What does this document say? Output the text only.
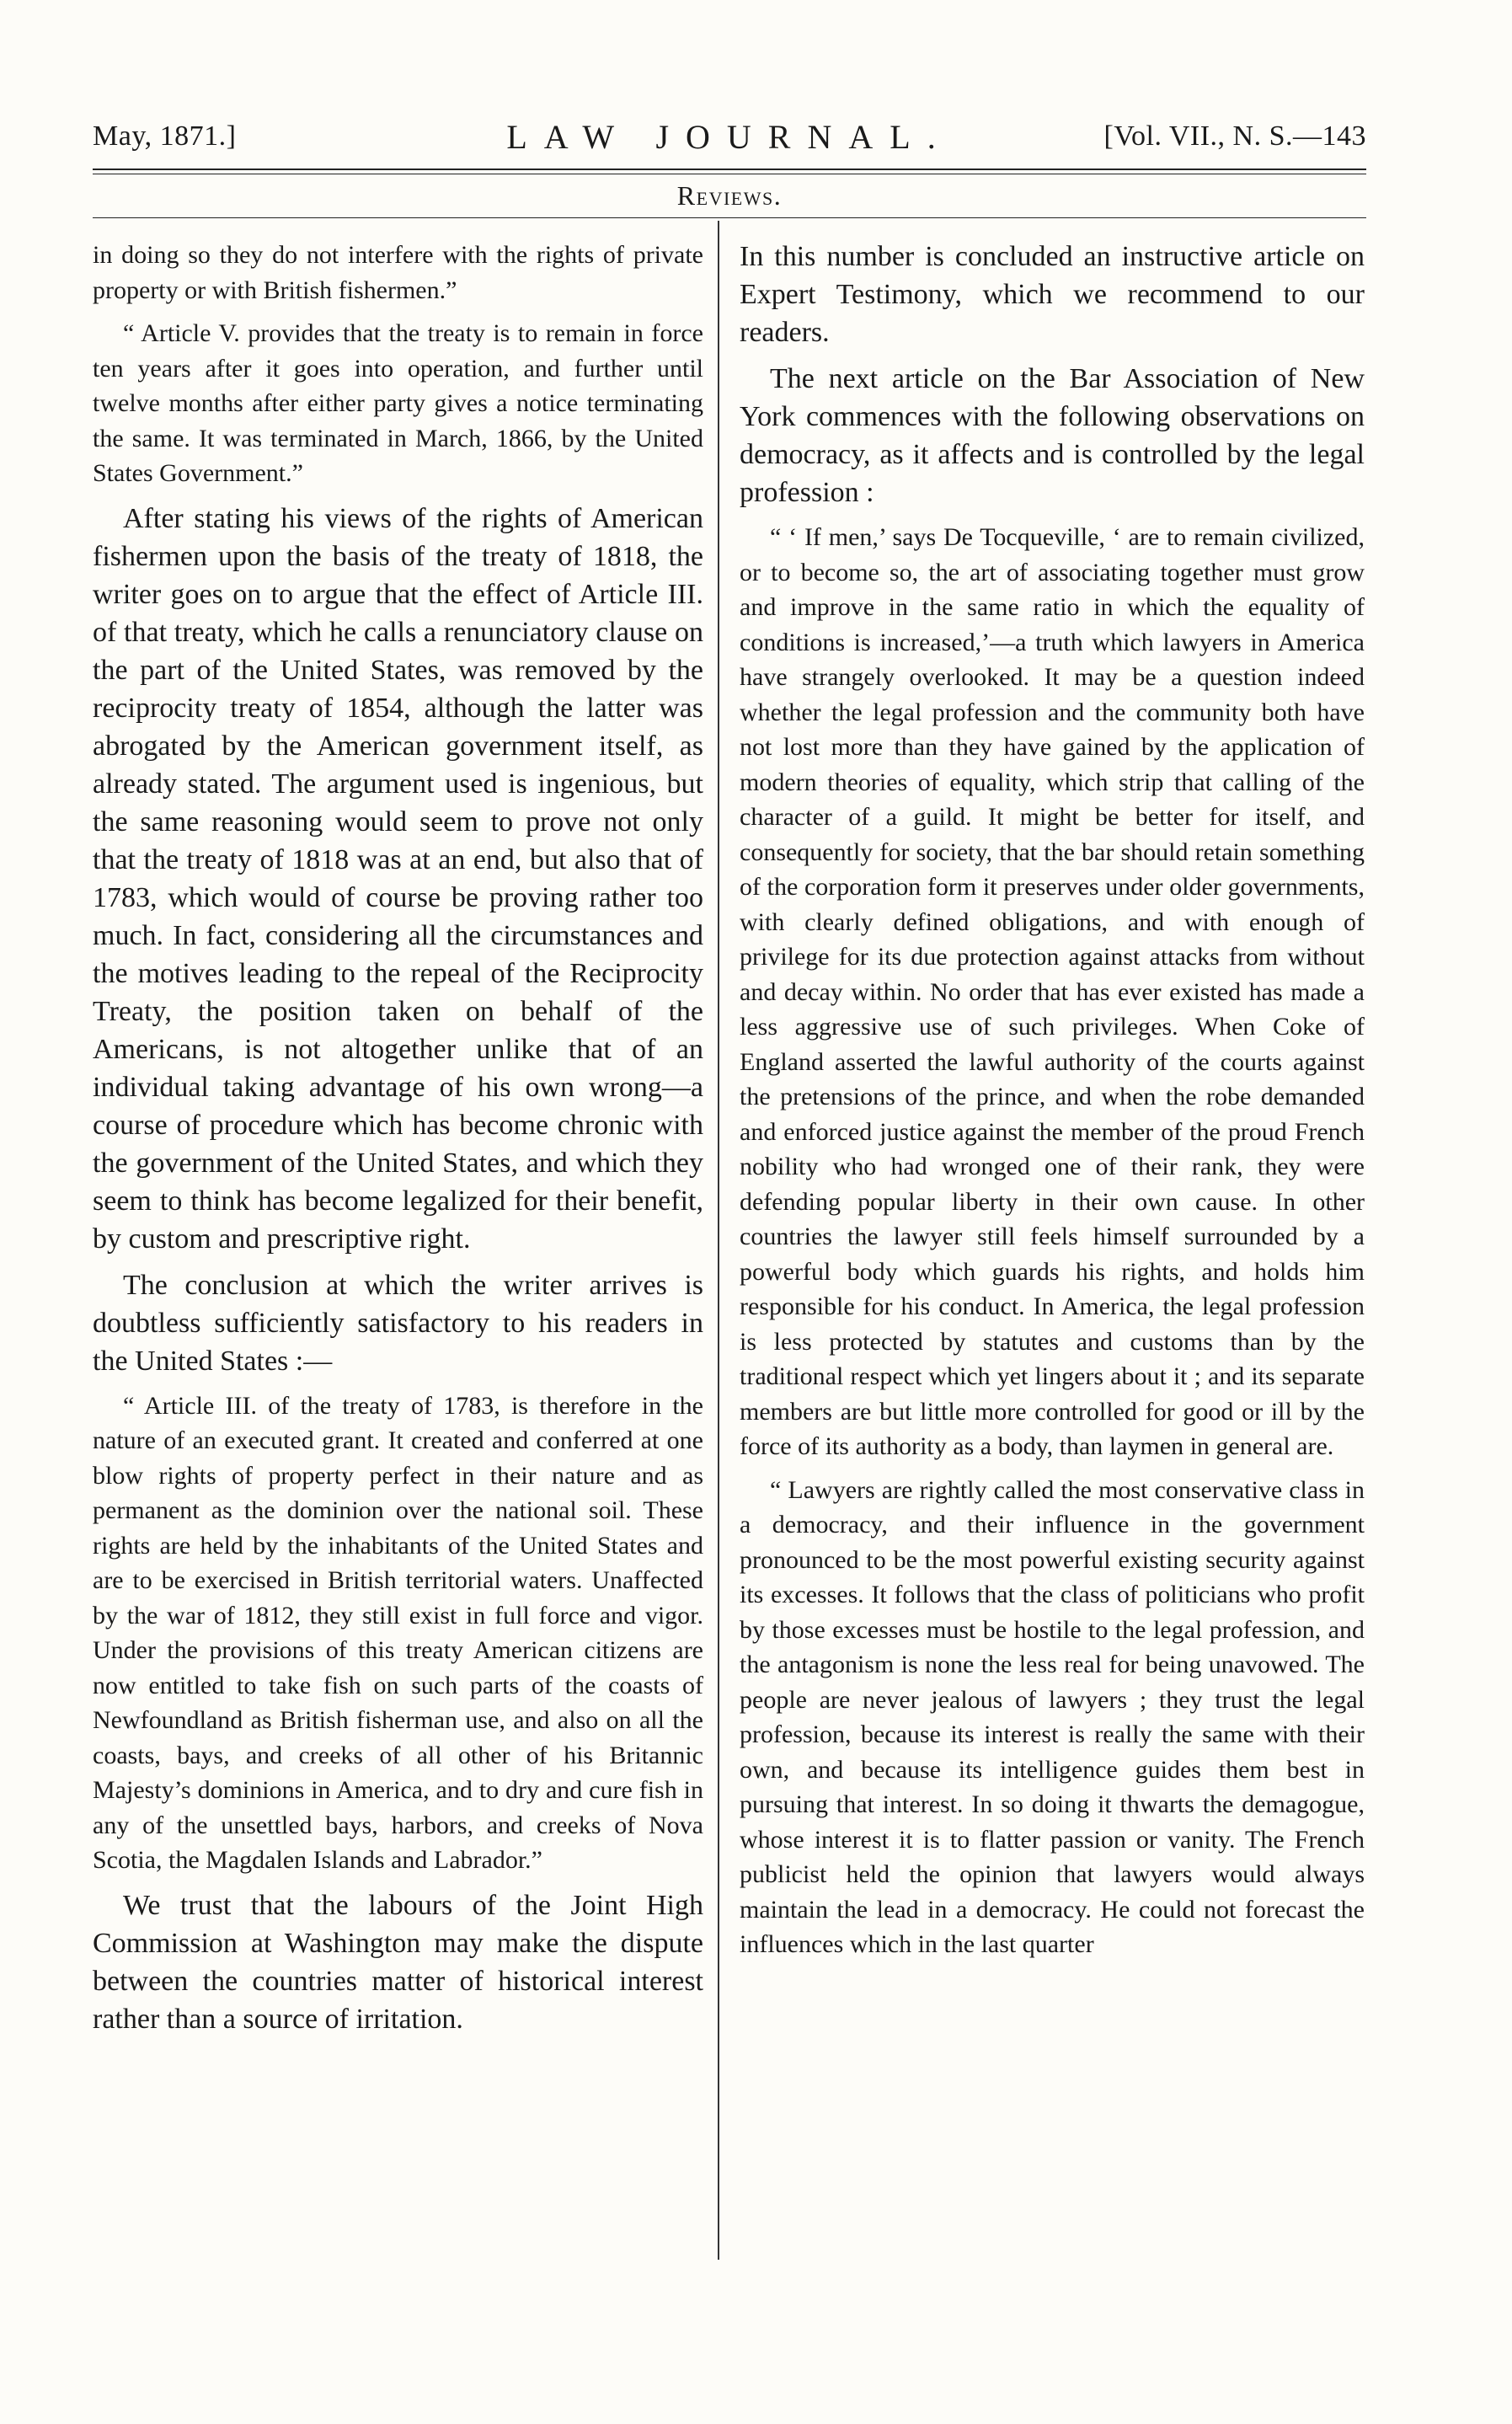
May, 1871.]	LAW JOURNAL.	[Vol. VII., N. S.—143
Reviews.

in doing so they do not interfere with the rights of private property or with British fishermen.”

“ Article V. provides that the treaty is to remain in force ten years after it goes into operation, and further until twelve months after either party gives a notice terminating the same. It was terminated in March, 1866, by the United States Government.”

After stating his views of the rights of American fishermen upon the basis of the treaty of 1818, the writer goes on to argue that the effect of Article III. of that treaty, which he calls a renunciatory clause on the part of the United States, was removed by the reciprocity treaty of 1854, although the latter was abrogated by the American government itself, as already stated. The argument used is ingenious, but the same reasoning would seem to prove not only that the treaty of 1818 was at an end, but also that of 1783, which would of course be proving rather too much. In fact, considering all the circumstances and the motives leading to the repeal of the Reciprocity Treaty, the position taken on behalf of the Americans, is not altogether unlike that of an individual taking advantage of his own wrong—a course of procedure which has become chronic with the government of the United States, and which they seem to think has become legalized for their benefit, by custom and prescriptive right.

The conclusion at which the writer arrives is doubtless sufficiently satisfactory to his readers in the United States :—

“ Article III. of the treaty of 1783, is therefore in the nature of an executed grant. It created and conferred at one blow rights of property perfect in their nature and as permanent as the dominion over the national soil. These rights are held by the inhabitants of the United States and are to be exercised in British territorial waters. Unaffected by the war of 1812, they still exist in full force and vigor. Under the provisions of this treaty American citizens are now entitled to take fish on such parts of the coasts of Newfoundland as British fisherman use, and also on all the coasts, bays, and creeks of all other of his Britannic Majesty’s dominions in America, and to dry and cure fish in any of the unsettled bays, harbors, and creeks of Nova Scotia, the Magdalen Islands and Labrador.”

We trust that the labours of the Joint High Commission at Washington may make the dispute between the countries matter of historical interest rather than a source of irritation.

In this number is concluded an instructive article on Expert Testimony, which we recommend to our readers.

The next article on the Bar Association of New York commences with the following observations on democracy, as it affects and is controlled by the legal profession :

“ ‘ If men,’ says De Tocqueville, ‘ are to remain civilized, or to become so, the art of associating together must grow and improve in the same ratio in which the equality of conditions is increased,’—a truth which lawyers in America have strangely overlooked. It may be a question indeed whether the legal profession and the community both have not lost more than they have gained by the application of modern theories of equality, which strip that calling of the character of a guild. It might be better for itself, and consequently for society, that the bar should retain something of the corporation form it preserves under older governments, with clearly defined obligations, and with enough of privilege for its due protection against attacks from without and decay within. No order that has ever existed has made a less aggressive use of such privileges. When Coke of England asserted the lawful authority of the courts against the pretensions of the prince, and when the robe demanded and enforced justice against the member of the proud French nobility who had wronged one of their rank, they were defending popular liberty in their own cause. In other countries the lawyer still feels himself surrounded by a powerful body which guards his rights, and holds him responsible for his conduct. In America, the legal profession is less protected by statutes and customs than by the traditional respect which yet lingers about it ; and its separate members are but little more controlled for good or ill by the force of its authority as a body, than laymen in general are.

“ Lawyers are rightly called the most conservative class in a democracy, and their influence in the government pronounced to be the most powerful existing security against its excesses. It follows that the class of politicians who profit by those excesses must be hostile to the legal profession, and the antagonism is none the less real for being unavowed. The people are never jealous of lawyers ; they trust the legal profession, because its interest is really the same with their own, and because its intelligence guides them best in pursuing that interest. In so doing it thwarts the demagogue, whose interest it is to flatter passion or vanity. The French publicist held the opinion that lawyers would always maintain the lead in a democracy. He could not forecast the influences which in the last quarter
